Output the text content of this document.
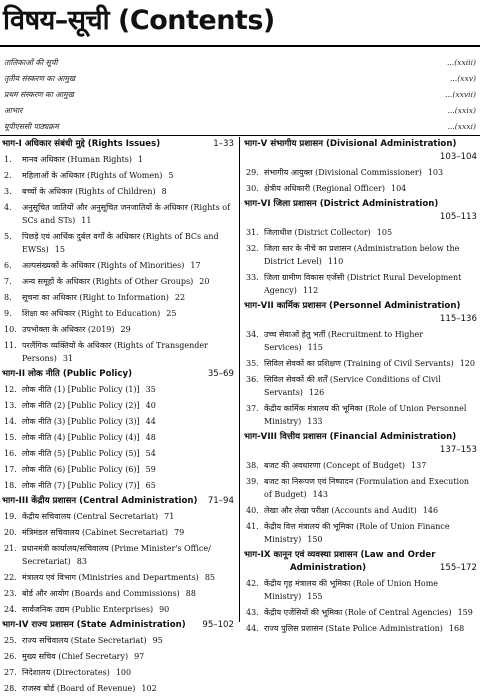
विषय–सूची (Contents)
तालिकाओं की सूची	...(xxiii)
तृतीय संस्करण का आमुख	...(xxv)
प्रथम संस्करण का आमुख	...(xxvii)
आभार	...(xxix)
यूपीएससी पाठ्यक्रम	...(xxxi)
भाग-I अधिकार संबंधी मुद्दे (Rights Issues)	1–33
1. मानव अधिकार (Human Rights) 1
2. महिलाओं के अधिकार (Rights of Women) 5
3. बच्चों के अधिकार (Rights of Children) 8
4. अनुसूचित जातियों और अनुसूचित जनजातियों के अधिकार (Rights of SCs and STs) 11
5. पिछड़े एवं आर्थिक दुर्बल वर्गों के अधिकार (Rights of BCs and EWSs) 15
6. अल्पसंख्यकों के अधिकार (Rights of Minorities) 17
7. अन्य समूहों के अधिकार (Rights of Other Groups) 20
8. सूचना का अधिकार (Right to Information) 22
9. शिक्षा का अधिकार (Right to Education) 25
10. उपभोक्ता के अधिकार (2019) 29
11. परलैंगिक व्यक्तियों के अधिकार (Rights of Transgender Persons) 31
भाग-II लोक नीति (Public Policy)	35–69
12. लोक नीति (1) [Public Policy (1)] 35
13. लोक नीति (2) [Public Policy (2)] 40
14. लोक नीति (3) [Public Policy (3)] 44
15. लोक नीति (4) [Public Policy (4)] 48
16. लोक नीति (5) [Public Policy (5)] 54
17. लोक नीति (6) [Public Policy (6)] 59
18. लोक नीति (7) [Public Policy (7)] 65
भाग-III केंद्रीय प्रशासन (Central Administration) 71–94
19. केंद्रीय सचिवालय (Central Secretariat) 71
20. मंत्रिमंडल सचिवालय (Cabinet Secretariat) 79
21. प्रधानमंत्री कार्यालय/सचिवालय (Prime Minister's Office/ Secretariat) 83
22. मंत्रालय एवं विभाग (Ministries and Departments) 85
23. बोर्ड और आयोग (Boards and Commissions) 88
24. सार्वजनिक उद्यम (Public Enterprises) 90
भाग-IV राज्य प्रशासन (State Administration) 95–102
25. राज्य सचिवालय (State Secretariat) 95
26. मुख्य सचिव (Chief Secretary) 97
27. निदेशालय (Directorates) 100
28. राजस्व बोर्ड (Board of Revenue) 102
भाग-V संभागीय प्रशासन (Divisional Administration)
103–104
29. संभागीय आयुक्त (Divisional Commissioner) 103
30. क्षेत्रीय अधिकारी (Regional Officer) 104
भाग-VI जिला प्रशासन (District Administration)
105–113
31. जिलाधीश (District Collector) 105
32. जिला स्तर के नीचे का प्रशासन (Administration below the District Level) 110
33. जिला ग्रामीण विकास एजेंसी (District Rural Development Agency) 112
भाग-VII कार्मिक प्रशासन (Personnel Administration)
115–136
34. उच्च सेवाओं हेतु भर्ती (Recruitment to Higher Services) 115
35. सिविल सेवकों का प्रशिक्षण (Training of Civil Servants) 120
36. सिविल सेवकों की शर्तें (Service Conditions of Civil Servants) 126
37. केंद्रीय कार्मिक मंत्रालय की भूमिका (Role of Union Personnel Ministry) 133
भाग-VIII वित्तीय प्रशासन (Financial Administration)
137–153
38. बजट की अवधारणा (Concept of Budget) 137
39. बजट का निरूपण एवं निष्पादन (Formulation and Execution of Budget) 143
40. लेखा और लेखा परीक्षा (Accounts and Audit) 146
41. केंद्रीय वित्त मंत्रालय की भूमिका (Role of Union Finance Ministry) 150
भाग-IX कानून एवं व्यवस्था प्रशासन (Law and Order
Administration)	155–172
42. केंद्रीय गृह मंत्रालय की भूमिका (Role of Union Home Ministry) 155
43. केंद्रीय एजेंसियों की भूमिका (Role of Central Agencies) 159
44. राज्य पुलिस प्रशासन (State Police Administration) 168
